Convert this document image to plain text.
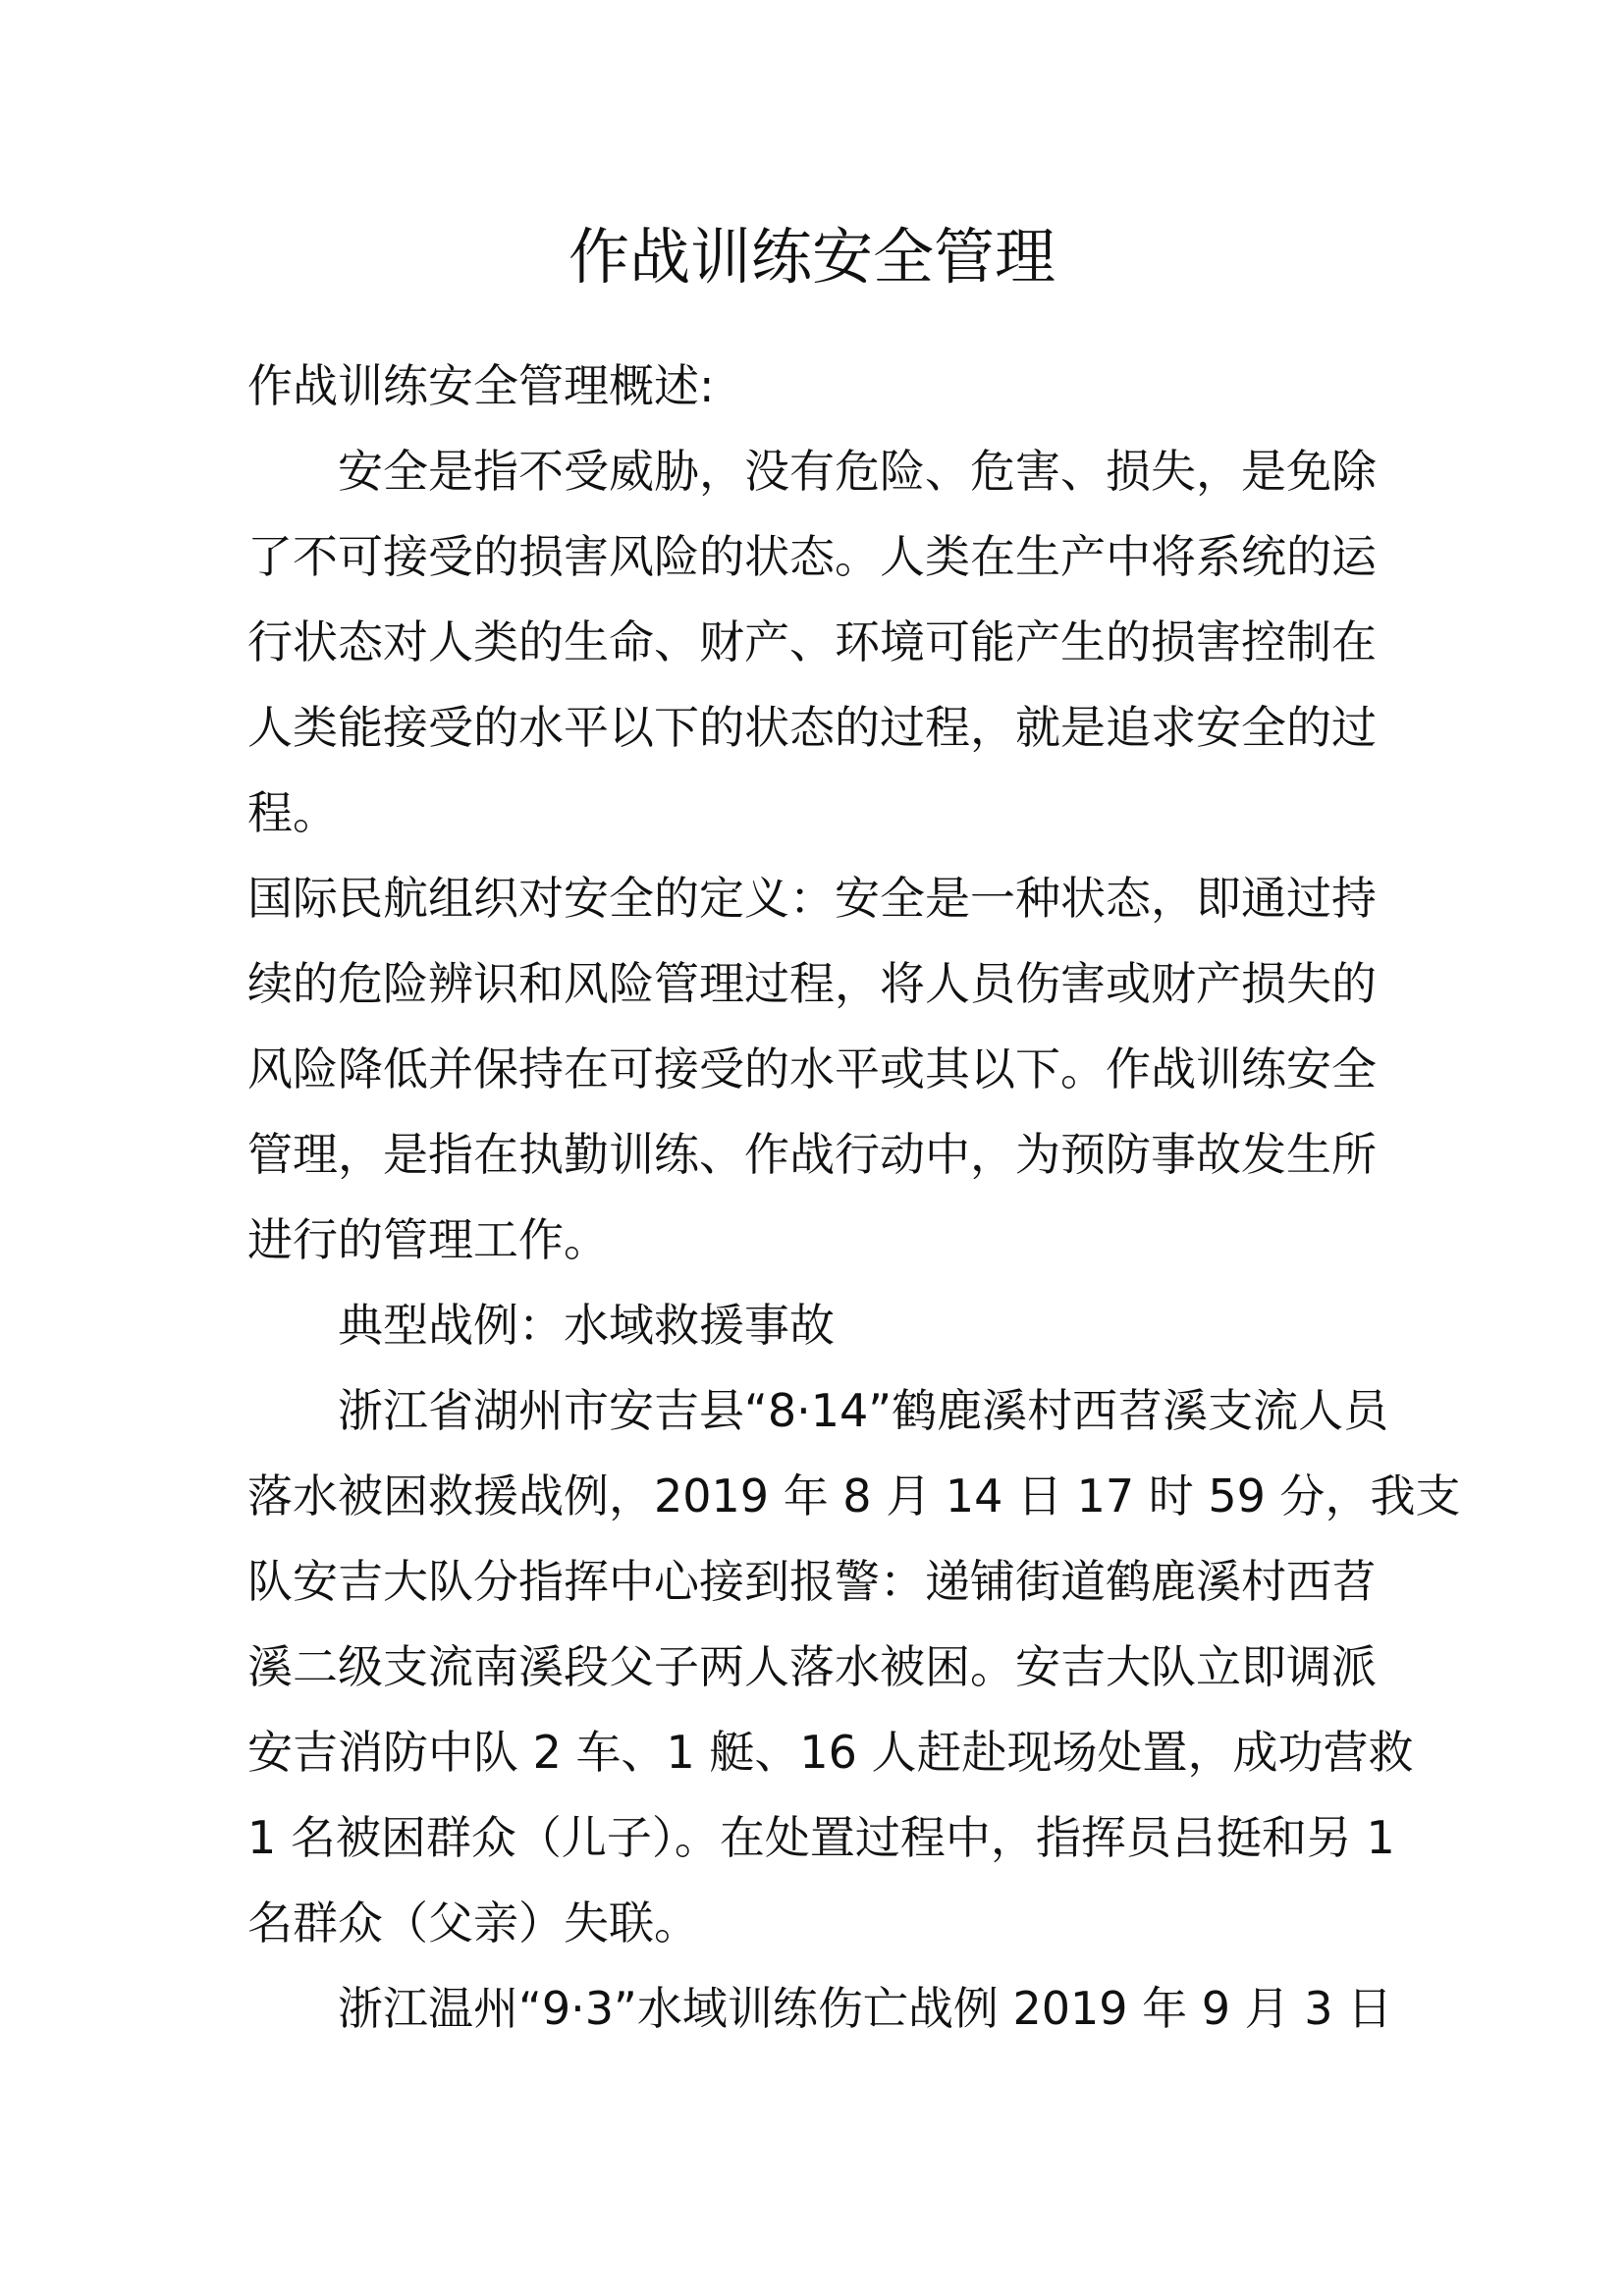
作战训练安全管理
作战训练安全管理概述:
安全是指不受威胁，没有危险、危害、损失，是免除
了不可接受的损害风险的状态。人类在生产中将系统的运
行状态对人类的生命、财产、环境可能产生的损害控制在
人类能接受的水平以下的状态的过程，就是追求安全的过
程。
国际民航组织对安全的定义：安全是一种状态，即通过持
续的危险辨识和风险管理过程，将人员伤害或财产损失的
风险降低并保持在可接受的水平或其以下。作战训练安全
管理，是指在执勤训练、作战行动中，为预防事故发生所
进行的管理工作。
典型战例：水域救援事故
浙江省湖州市安吉县“8·14”鹤鹿溪村西苕溪支流人员
落水被困救援战例，2019 年 8 月 14 日 17 时 59 分，我支
队安吉大队分指挥中心接到报警：递铺街道鹤鹿溪村西苕
溪二级支流南溪段父子两人落水被困。安吉大队立即调派
安吉消防中队 2 车、1 艇、16 人赶赴现场处置，成功营救
1 名被困群众（儿子）。在处置过程中，指挥员吕挺和另 1
名群众（父亲）失联。
浙江温州“9·3”水域训练伤亡战例 2019 年 9 月 3 日
